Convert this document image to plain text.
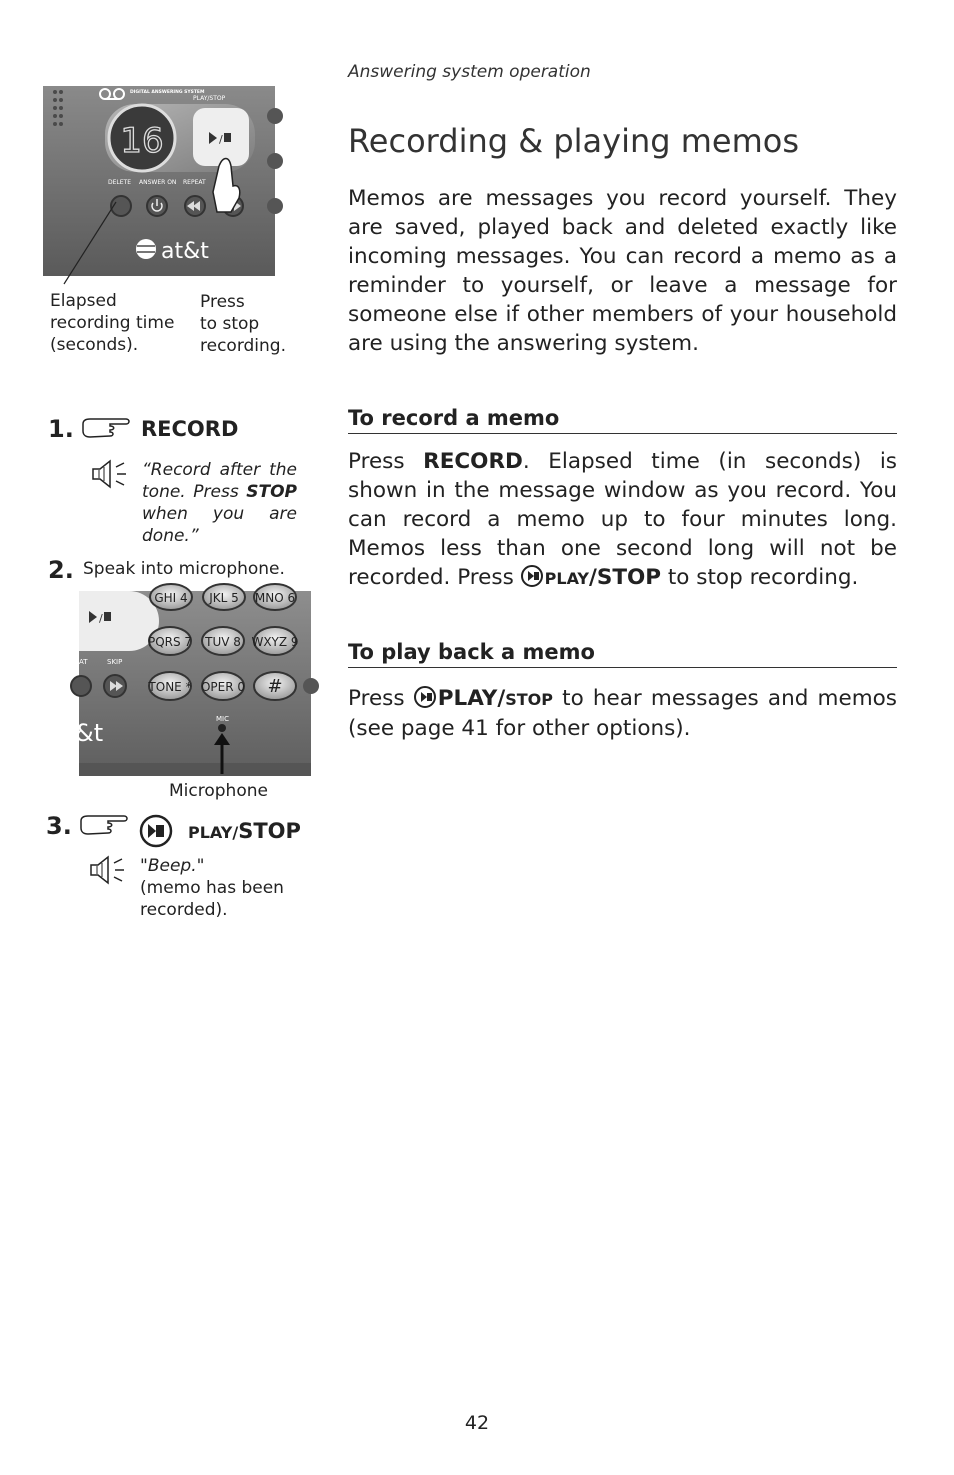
Answering system operation
Recording & playing memos
Memos are messages you record yourself. They are saved, played back and deleted exactly like incoming messages. You can record a memo as a reminder to yourself, or leave a message for someone else if other members of your household are using the answering system.
To record a memo
Press RECORD. Elapsed time (in seconds) is shown in the message window as you record. You can record a memo up to four minutes long. Memos less than one second long will not be recorded. Press PLAY/STOP to stop recording.
To play back a memo
Press PLAY/STOP to hear messages and memos (see page 41 for other options).
DIGITAL ANSWERING SYSTEM
PLAY/STOP
16	/
DELETE ANSWER ON REPEAT
at&t
Elapsed
recording time
(seconds).
Press
to stop
recording.
1.	RECORD
“Record after the tone. Press STOP when you are done.”
2. Speak into microphone.
/
GHI 4 JKL 5 MNO 6
PQRS 7 TUV 8 WXYZ 9
TONE * OPER 0 #
AT	SKIP
MIC
&t
Microphone
3.	PLAY/STOP
"Beep."
(memo has been
recorded).
42
